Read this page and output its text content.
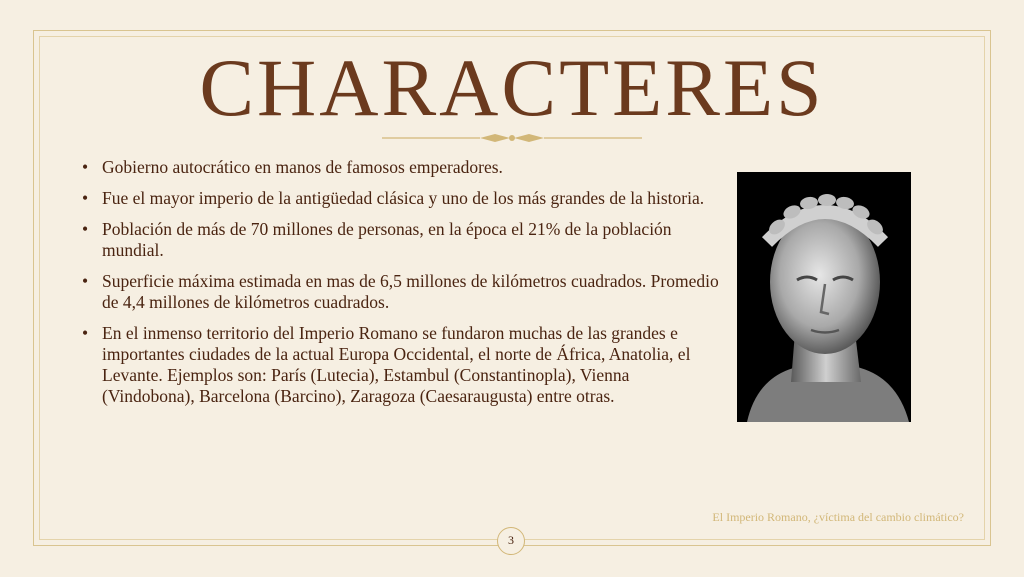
CHARACTERES
• Gobierno autocrático en manos de famosos emperadores.
• Fue el mayor imperio de la antigüedad clásica y uno de los más grandes de la historia.
• Población de más de 70 millones de personas, en la época el 21% de la población mundial.
• Superficie máxima estimada en mas de 6,5 millones de kilómetros cuadrados. Promedio de 4,4 millones de kilómetros cuadrados.
• En el inmenso territorio del Imperio Romano se fundaron muchas de las grandes e importantes ciudades de la actual Europa Occidental, el norte de África, Anatolia, el Levante. Ejemplos son: París (Lutecia), Estambul (Constantinopla), Vienna (Vindobona), Barcelona (Barcino), Zaragoza (Caesaraugusta) entre otras.
El Imperio Romano, ¿víctima del cambio climático?
3
